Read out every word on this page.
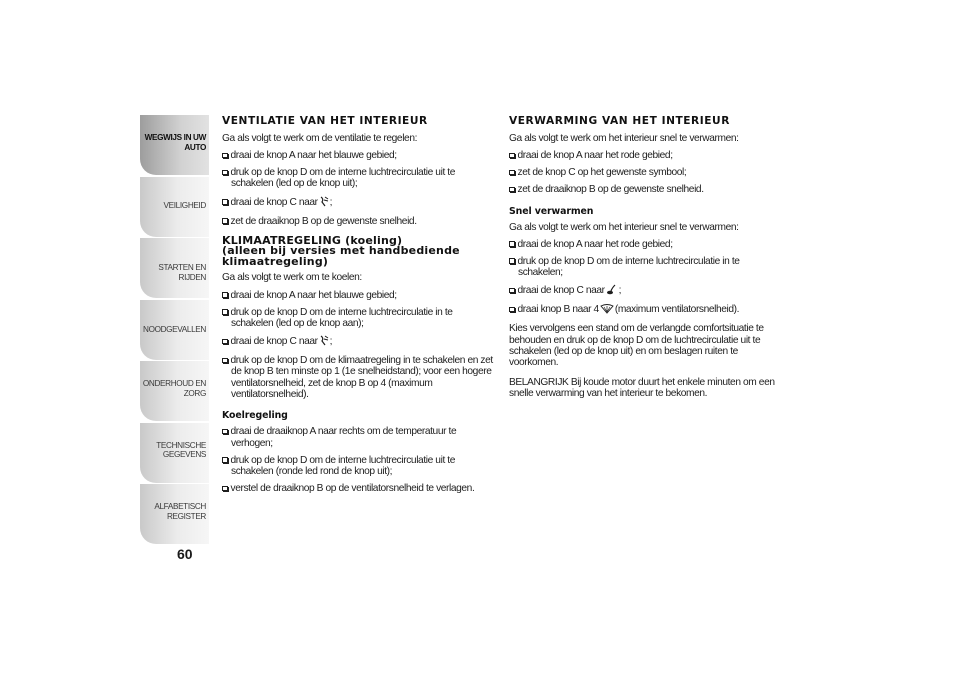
WEGWIJS IN UW
AUTO
VEILIGHEID
STARTEN EN RIJDEN
NOODGEVALLEN
ONDERHOUD EN
ZORG
TECHNISCHE
GEGEVENS
ALFABETISCH
REGISTER
60
VENTILATIE VAN HET INTERIEUR

Ga als volgt te werk om de ventilatie te regelen:

draai de knop A naar het blauwe gebied;
druk op de knop D om de interne luchtrecirculatie uit te schakelen (led op de knop uit);
draai de knop C naar ;
zet de draaiknop B op de gewenste snelheid.
KLIMAATREGELING (koeling)
(alleen bij versies met handbediende
klimaatregeling)

Ga als volgt te werk om te koelen:

draai de knop A naar het blauwe gebied;
druk op de knop D om de interne luchtrecirculatie in te schakelen (led op de knop aan);
draai de knop C naar ;
druk op de knop D om de klimaatregeling in te schakelen en zet de knop B ten minste op 1 (1e snelheidstand); voor een hogere ventilatorsnelheid, zet de knop B op 4 (maximum ventilatorsnelheid).
Koelregeling
draai de draaiknop A naar rechts om de temperatuur te verhogen;
druk op de knop D om de interne luchtrecirculatie uit te schakelen (ronde led rond de knop uit);
verstel de draaiknop B op de ventilatorsnelheid te verlagen.
VERWARMING VAN HET INTERIEUR

Ga als volgt te werk om het interieur snel te verwarmen:

draai de knop A naar het rode gebied;
zet de knop C op het gewenste symbool;
zet de draaiknop B op de gewenste snelheid.
Snel verwarmen

Ga als volgt te werk om het interieur snel te verwarmen:

draai de knop A naar het rode gebied;
druk op de knop D om de interne luchtrecirculatie in te schakelen;
draai de knop C naar ;
draai knop B naar 4 (maximum ventilatorsnelheid).

Kies vervolgens een stand om de verlangde comfortsituatie te behouden en druk op de knop D om de luchtrecirculatie uit te schakelen (led op de knop uit) en om beslagen ruiten te voorkomen.

BELANGRIJK Bij koude motor duurt het enkele minuten om een snelle verwarming van het interieur te bekomen.
